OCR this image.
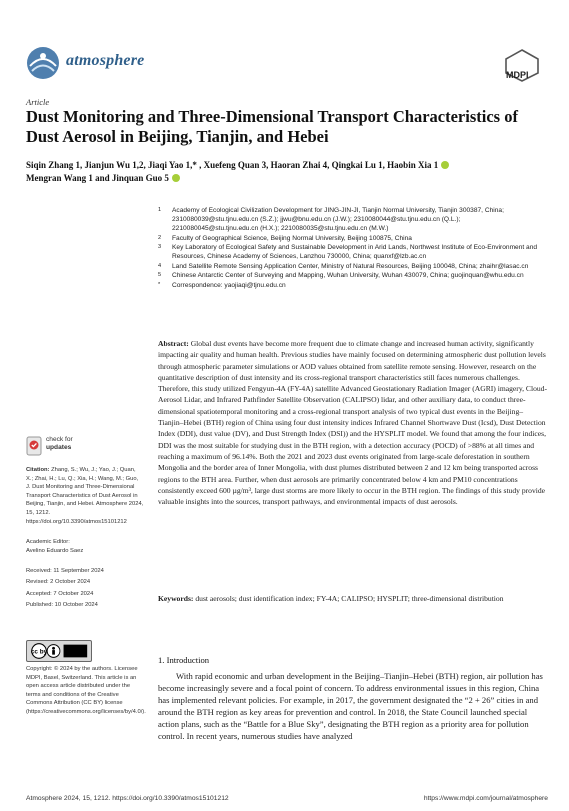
atmosphere
MDPI
Article
Dust Monitoring and Three-Dimensional Transport Characteristics of Dust Aerosol in Beijing, Tianjin, and Hebei
Siqin Zhang 1, Jianjun Wu 1,2, Jiaqi Yao 1,* , Xuefeng Quan 3, Haoran Zhai 4, Qingkai Lu 1, Haobin Xia 1
Mengran Wang 1 and Jinquan Guo 5
1	Academy of Ecological Civilization Development for JING-JIN-JI, Tianjin Normal University, Tianjin 300387, China; 2310080039@stu.tjnu.edu.cn (S.Z.); jjwu@bnu.edu.cn (J.W.); 2310080044@stu.tjnu.edu.cn (Q.L.); 2210080045@stu.tjnu.edu.cn (H.X.); 2210080035@stu.tjnu.edu.cn (M.W.)
2	Faculty of Geographical Science, Beijing Normal University, Beijing 100875, China
3	Key Laboratory of Ecological Safety and Sustainable Development in Arid Lands, Northwest Institute of Eco-Environment and Resources, Chinese Academy of Sciences, Lanzhou 730000, China; quanxf@lzb.ac.cn
4	Land Satellite Remote Sensing Application Center, Ministry of Natural Resources, Beijing 100048, China; zhaihr@lasac.cn
5	Chinese Antarctic Center of Surveying and Mapping, Wuhan University, Wuhan 430079, China; guojinquan@whu.edu.cn
*	Correspondence: yaojiaqi@tjnu.edu.cn
Abstract: Global dust events have become more frequent due to climate change and increased human activity, significantly impacting air quality and human health. Previous studies have mainly focused on determining atmospheric dust pollution levels through atmospheric parameter simulations or AOD values obtained from satellite remote sensing. However, research on the quantitative description of dust intensity and its cross-regional transport characteristics still faces numerous challenges. Therefore, this study utilized Fengyun-4A (FY-4A) satellite Advanced Geostationary Radiation Imager (AGRI) imagery, Cloud-Aerosol Lidar, and Infrared Pathfinder Satellite Observation (CALIPSO) lidar, and other auxiliary data, to conduct three-dimensional spatiotemporal monitoring and a cross-regional transport analysis of two typical dust events in the Beijing–Tianjin–Hebei (BTH) region of China using four dust intensity indices Infrared Channel Shortwave Dust (Icsd), Dust Detection Index (DDI), dust value (DV), and Dust Strength Index (DSI)) and the HYSPLIT model. We found that among the four indices, DDI was the most suitable for studying dust in the BTH region, with a detection accuracy (POCD) of >88% at all times and reaching a maximum of 96.14%. Both the 2021 and 2023 dust events originated from large-scale deforestation in southern Mongolia and the border area of Inner Mongolia, with dust plumes distributed between 2 and 12 km being transported across regions to the BTH area. Further, when dust aerosols are primarily concentrated below 4 km and PM10 concentrations consistently exceed 600 µg/m³, large dust storms are more likely to occur in the BTH region. The findings of this study provide valuable insights into the sources, transport pathways, and environmental impacts of dust aerosols.
Keywords: dust aerosols; dust identification index; FY-4A; CALIPSO; HYSPLIT; three-dimensional distribution
check for
updates
Citation: Zhang, S.; Wu, J.; Yao, J.; Quan, X.; Zhai, H.; Lu, Q.; Xia, H.; Wang, M.; Guo, J. Dust Monitoring and Three-Dimensional Transport Characteristics of Dust Aerosol in Beijing, Tianjin, and Hebei. Atmosphere 2024, 15, 1212. https://doi.org/10.3390/atmos15101212
Academic Editor:
Avelino Eduardo Saez
Received: 11 September 2024
Revised: 2 October 2024
Accepted: 7 October 2024
Published: 10 October 2024
cc by
Copyright: © 2024 by the authors. Licensee MDPI, Basel, Switzerland. This article is an open access article distributed under the terms and conditions of the Creative Commons Attribution (CC BY) license (https://creativecommons.org/licenses/by/4.0/).
1. Introduction
With rapid economic and urban development in the Beijing–Tianjin–Hebei (BTH) region, air pollution has become increasingly severe and a focal point of concern. To address environmental issues in this region, China has implemented relevant policies. For example, in 2017, the government designated the “2 + 26” cities in and around the BTH region as key areas for prevention and control. In 2018, the State Council launched special action plans, such as the “Battle for a Blue Sky”, designating the BTH region as a priority area for pollution control. In recent years, numerous studies have analyzed
Atmosphere 2024, 15, 1212. https://doi.org/10.3390/atmos15101212	https://www.mdpi.com/journal/atmosphere
